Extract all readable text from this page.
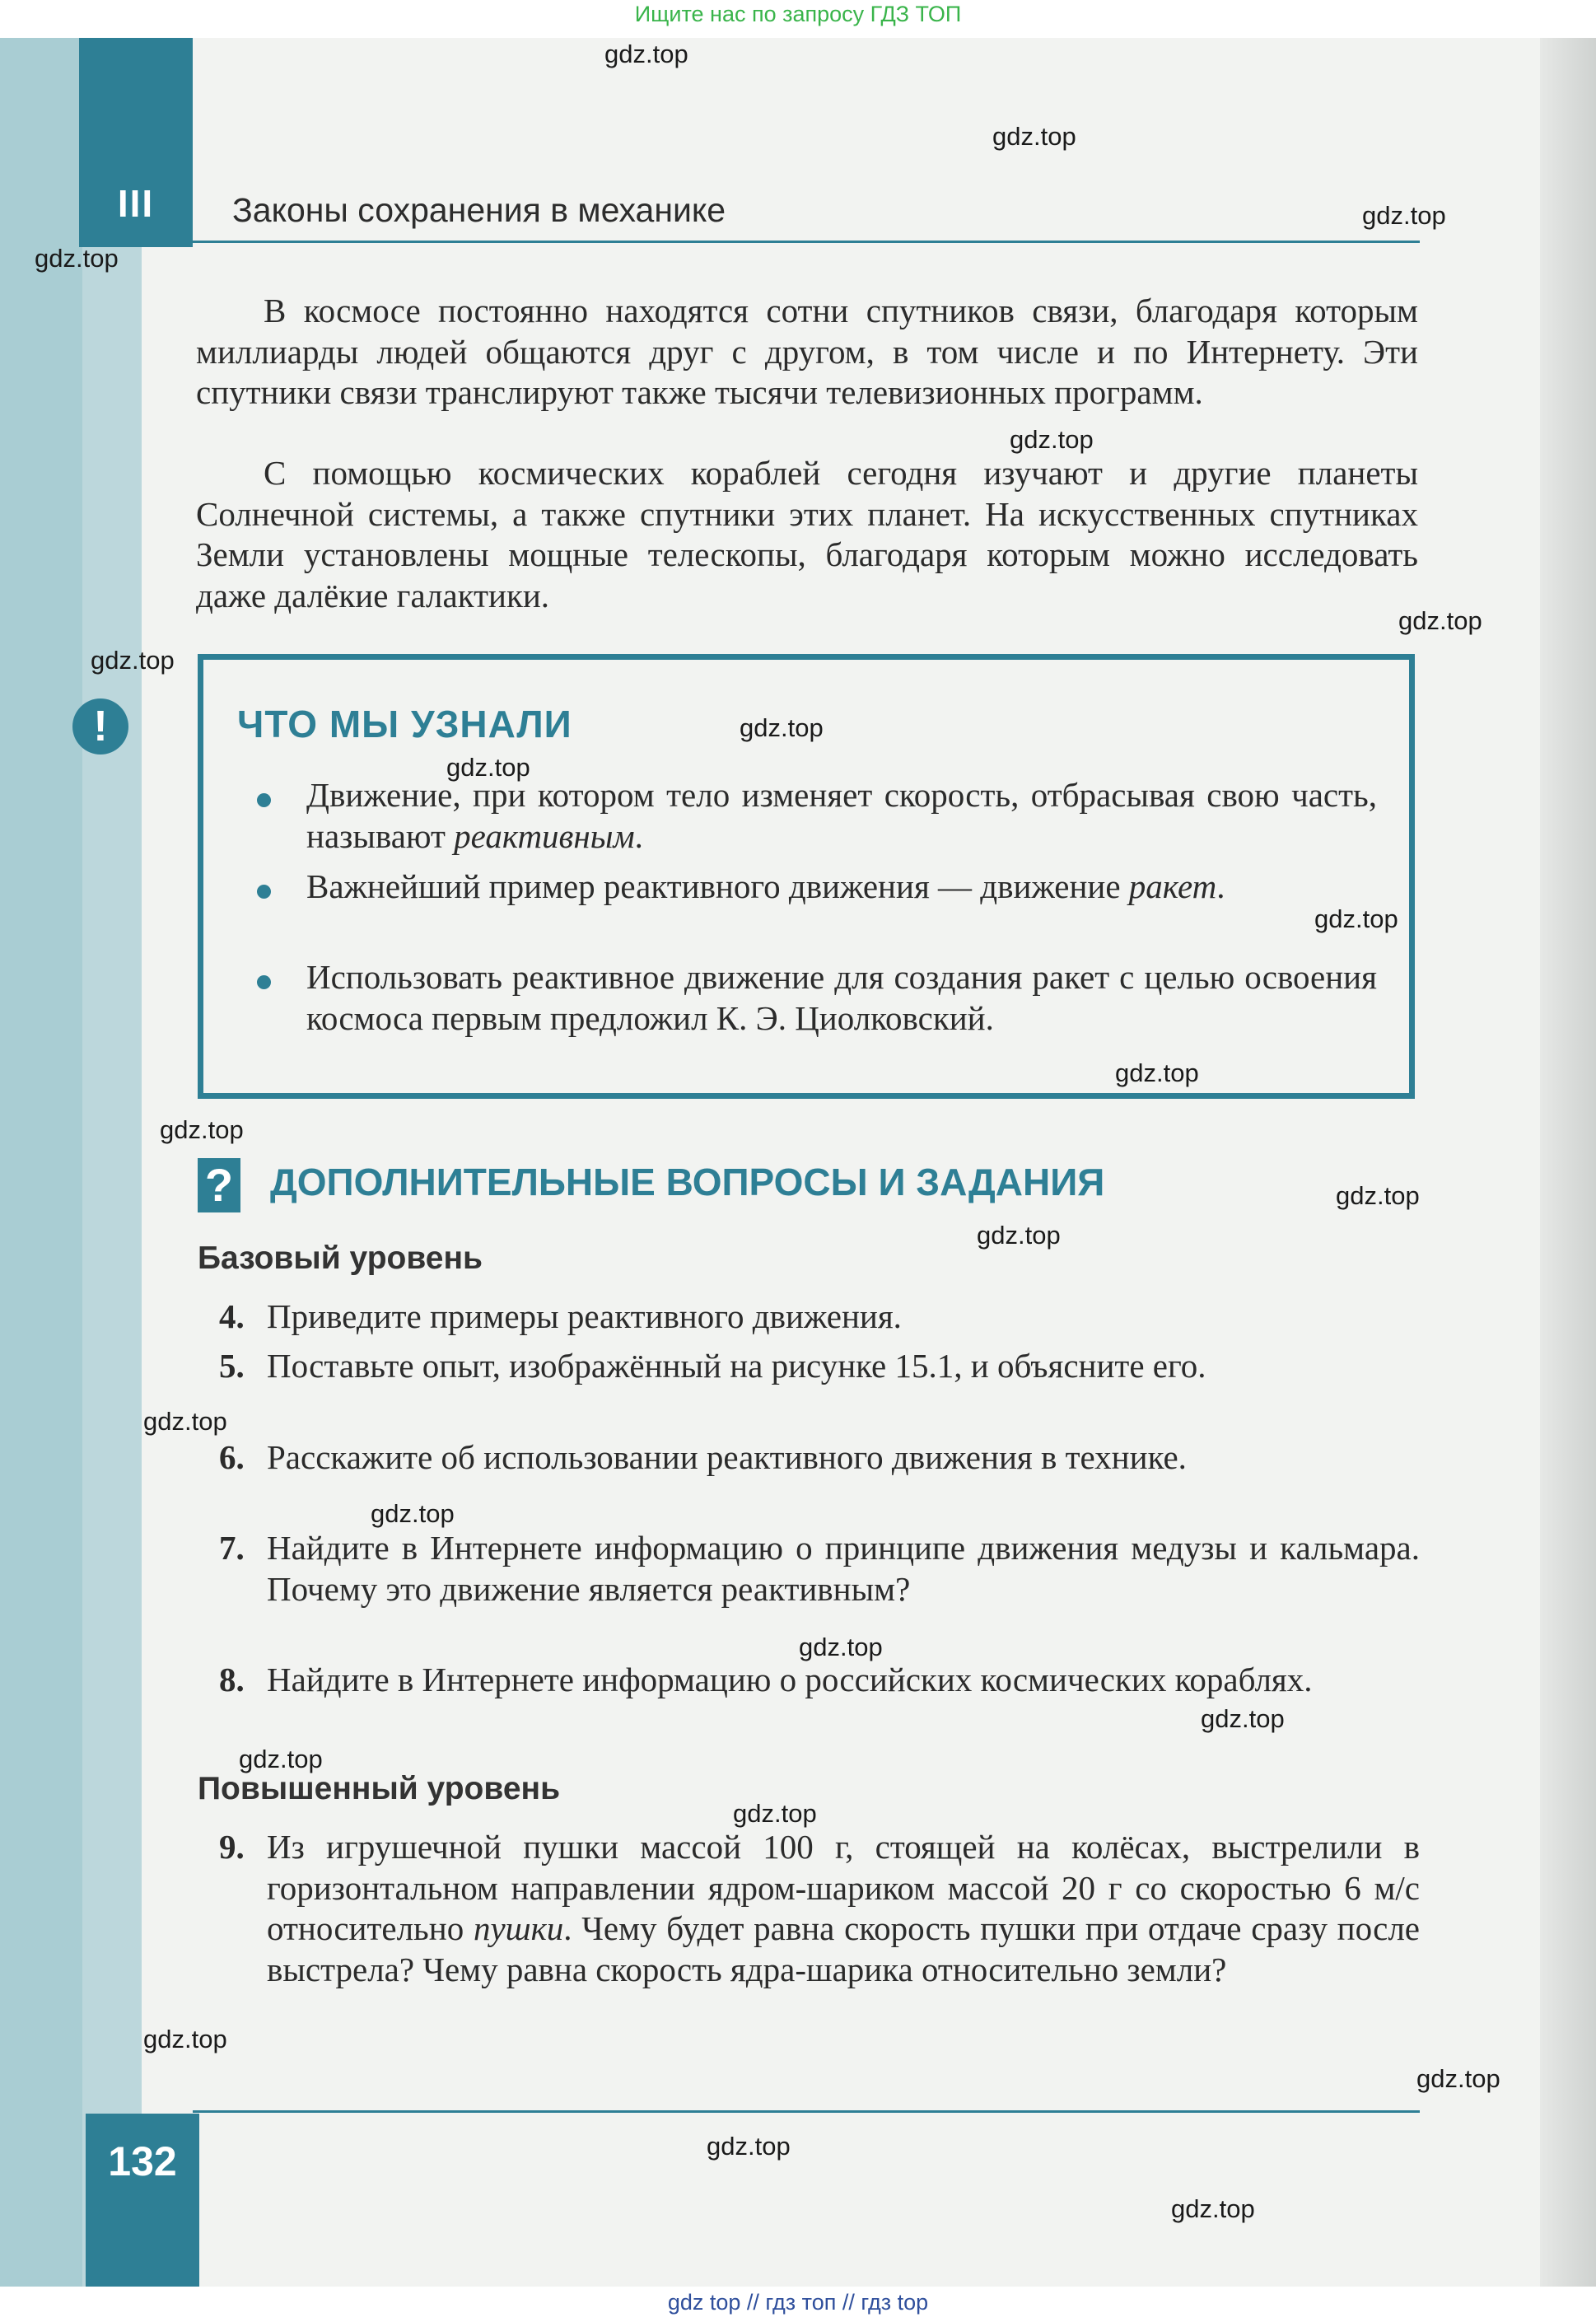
Ищите нас по запросу ГДЗ ТОП
III	Законы сохранения в механике

В космосе постоянно находятся сотни спутников связи, благодаря которым миллиарды людей общаются друг с другом, в том числе и по Интернету. Эти спутники связи транслируют также тысячи телевизионных программ.

С помощью космических кораблей сегодня изучают и другие планеты Солнечной системы, а также спутники этих планет. На искусственных спутниках Земли установлены мощные телескопы, благодаря которым можно исследовать даже далёкие галактики.

!	ЧТО МЫ УЗНАЛИ

Движение, при котором тело изменяет скорость, отбрасывая свою часть, называют реактивным.

Важнейший пример реактивного движения — движение ракет.

Использовать реактивное движение для создания ракет с целью освоения космоса первым предложил К. Э. Циолковский.

? ДОПОЛНИТЕЛЬНЫЕ ВОПРОСЫ И ЗАДАНИЯ
Базовый уровень

4. Приведите примеры реактивного движения.

5. Поставьте опыт, изображённый на рисунке 15.1, и объясните его.

6. Расскажите об использовании реактивного движения в технике.

7. Найдите в Интернете информацию о принципе движения медузы и кальмара. Почему это движение является реактивным?

8. Найдите в Интернете информацию о российских космических кораблях.

Повышенный уровень

9. Из игрушечной пушки массой 100 г, стоящей на колёсах, выстрелили в горизонтальном направлении ядром-шариком массой 20 г со скоростью 6 м/с относительно пушки. Чему будет равна скорость пушки при отдаче сразу после выстрела? Чему равна скорость ядра-шарика относительно земли?

132
gdz.top
gdz.top
gdz.top
gdz.top
gdz.top
gdz.top
gdz.top
gdz.top
gdz.top
gdz.top
gdz.top
gdz.top
gdz.top
gdz.top
gdz.top
gdz.top
gdz.top
gdz.top
gdz.top
gdz.top
gdz.top
gdz.top
gdz.top
gdz.top
gdz top // гдз топ // гдз top
